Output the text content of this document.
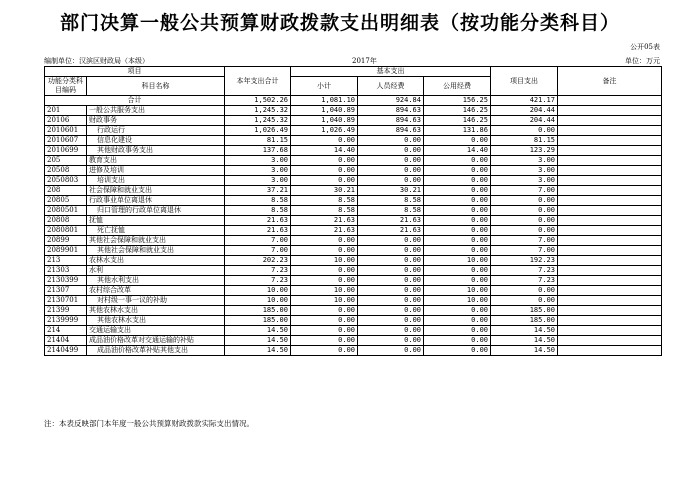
部门决算一般公共预算财政拨款支出明细表（按功能分类科目）
公开05表
编制单位：汉滨区财政局（本级）	2017年	单位：万元
项目		本年支出合计	基本支出			项目支出	备注
功能分类科目编码	科目名称		小计	人员经费	公用经费		

合计		1,502.26	1,081.10	924.84	156.25	421.17	
201	一般公共服务支出	1,245.32	1,040.89	894.63	146.25	204.44	
20106	财政事务	1,245.32	1,040.89	894.63	146.25	204.44	
2010601	行政运行	1,026.49	1,026.49	894.63	131.86	0.00	
2010607	信息化建设	81.15	0.00	0.00	0.00	81.15	
2010699	其他财政事务支出	137.68	14.40	0.00	14.40	123.29	
205	教育支出	3.00	0.00	0.00	0.00	3.00	
20508	进修及培训	3.00	0.00	0.00	0.00	3.00	
2050803	培训支出	3.00	0.00	0.00	0.00	3.00	
208	社会保障和就业支出	37.21	30.21	30.21	0.00	7.00	
20805	行政事业单位离退休	8.58	8.58	8.58	0.00	0.00	
2080501	归口管理的行政单位离退休	8.58	8.58	8.58	0.00	0.00	
20808	抚恤	21.63	21.63	21.63	0.00	0.00	
2080801	死亡抚恤	21.63	21.63	21.63	0.00	0.00	
20899	其他社会保障和就业支出	7.00	0.00	0.00	0.00	7.00	
2089901	其他社会保障和就业支出	7.00	0.00	0.00	0.00	7.00	
213	农林水支出	202.23	10.00	0.00	10.00	192.23	
21303	水利	7.23	0.00	0.00	0.00	7.23	
2130399	其他水利支出	7.23	0.00	0.00	0.00	7.23	
21307	农村综合改革	10.00	10.00	0.00	10.00	0.00	
2130701	对村级一事一议的补助	10.00	10.00	0.00	10.00	0.00	
21399	其他农林水支出	185.00	0.00	0.00	0.00	185.00	
2139999	其他农林水支出	185.00	0.00	0.00	0.00	185.00	
214	交通运输支出	14.50	0.00	0.00	0.00	14.50	
21404	成品油价格改革对交通运输的补贴	14.50	0.00	0.00	0.00	14.50	
2140499	成品油价格改革补贴其他支出	14.50	0.00	0.00	0.00	14.50	
注：本表反映部门本年度一般公共预算财政拨款实际支出情况。
